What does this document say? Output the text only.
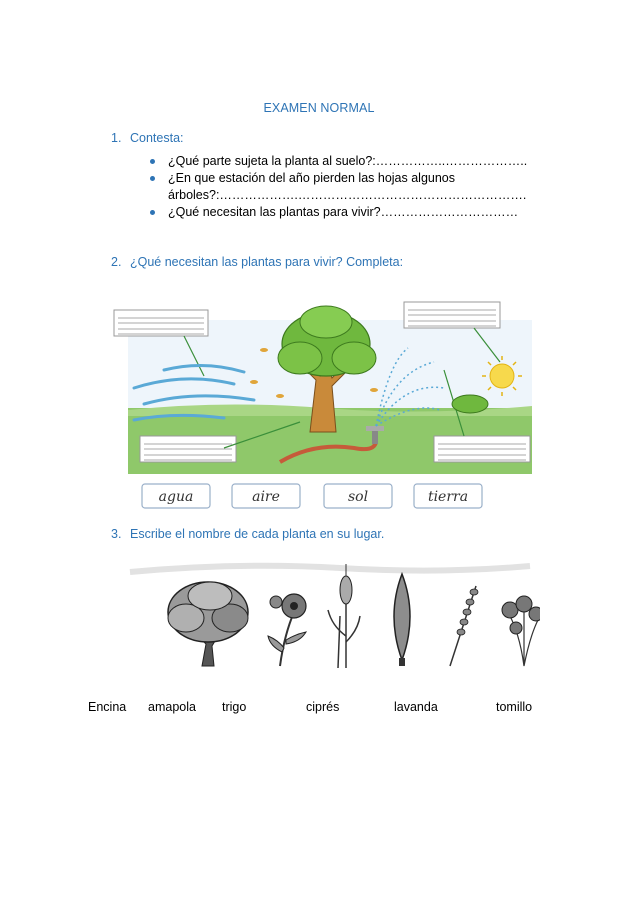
EXAMEN NORMAL
1. Contesta:
¿Qué parte sujeta la planta al suelo?:……………..………………..
¿En que estación del año pierden las hojas algunos
árboles?:……………….……………………………………………….
¿Qué necesitan las plantas para vivir?……………………………
2. ¿Qué necesitan las plantas para vivir? Completa:
agua	aire	sol	tierra
3. Escribe el nombre de cada planta en su lugar.
Encina amapola trigo	ciprés	lavanda	tomillo
